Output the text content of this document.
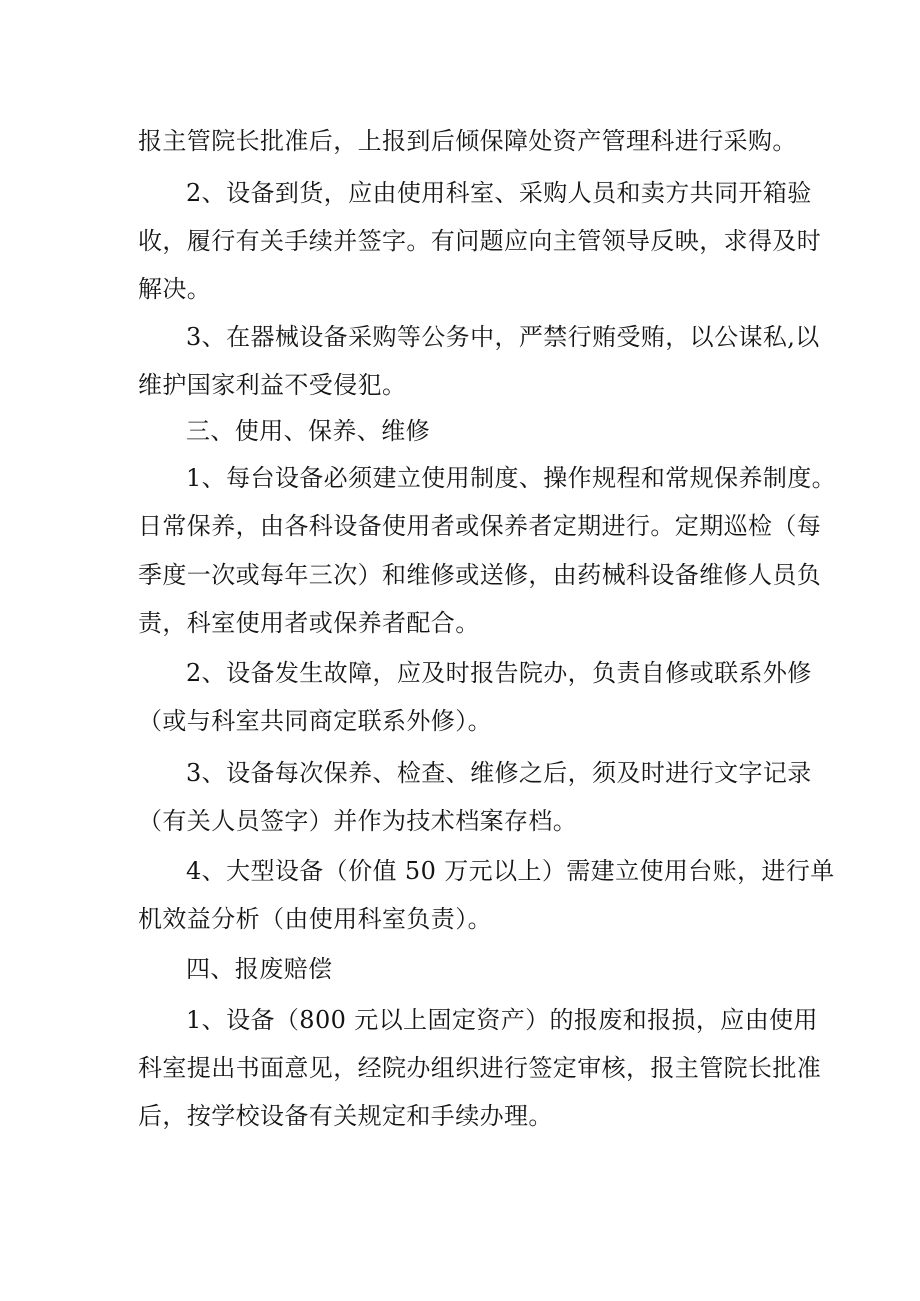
报主管院长批准后，上报到后倾保障处资产管理科进行采购。

2、设备到货，应由使用科室、采购人员和卖方共同开箱验

收，履行有关手续并签字。有问题应向主管领导反映，求得及时

解决。

3、在器械设备采购等公务中，严禁行贿受贿，以公谋私,以

维护国家利益不受侵犯。

三、使用、保养、维修

1、每台设备必须建立使用制度、操作规程和常规保养制度。

日常保养，由各科设备使用者或保养者定期进行。定期巡检（每

季度一次或每年三次）和维修或送修，由药械科设备维修人员负

责，科室使用者或保养者配合。

2、设备发生故障，应及时报告院办，负责自修或联系外修

（或与科室共同商定联系外修）。

3、设备每次保养、检查、维修之后，须及时进行文字记录

（有关人员签字）并作为技术档案存档。

4、大型设备（价值 50 万元以上）需建立使用台账，进行单

机效益分析（由使用科室负责）。

四、报废赔偿

1、设备（800 元以上固定资产）的报废和报损，应由使用

科室提出书面意见，经院办组织进行签定审核，报主管院长批准

后，按学校设备有关规定和手续办理。
